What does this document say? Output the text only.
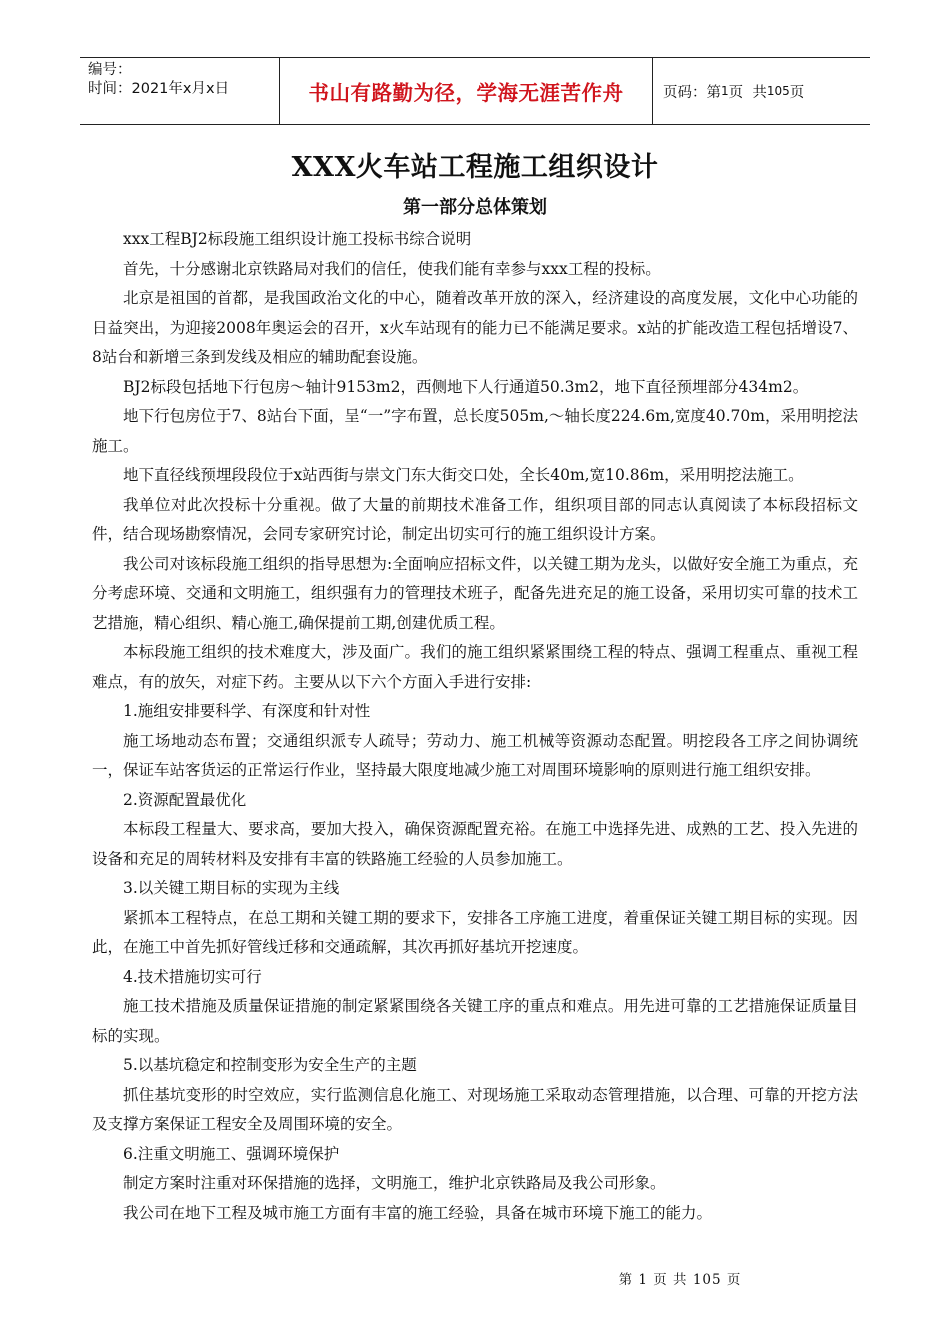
编号：
时间：2021年x月x日	书山有路勤为径，学海无涯苦作舟	页码：第 1 页  共 105 页
XXX火车站工程施工组织设计
第一部分总体策划

xxx工程BJ2标段施工组织设计施工投标书综合说明

首先，十分感谢北京铁路局对我们的信任，使我们能有幸参与xxx工程的投标。

北京是祖国的首都，是我国政治文化的中心，随着改革开放的深入，经济建设的高度发展，文化中心功能的日益突出，为迎接2008年奥运会的召开，x火车站现有的能力已不能满足要求。x站的扩能改造工程包括增设7、8站台和新增三条到发线及相应的辅助配套设施。

BJ2标段包括地下行包房～轴计9153m2，西侧地下人行通道50.3m2，地下直径预埋部分434m2。

地下行包房位于7、8站台下面，呈“一”字布置，总长度505m,～轴长度224.6m,宽度40.70m，采用明挖法施工。

地下直径线预埋段段位于x站西街与崇文门东大街交口处，全长40m,宽10.86m，采用明挖法施工。

我单位对此次投标十分重视。做了大量的前期技术准备工作，组织项目部的同志认真阅读了本标段招标文件，结合现场勘察情况，会同专家研究讨论，制定出切实可行的施工组织设计方案。

我公司对该标段施工组织的指导思想为:全面响应招标文件，以关键工期为龙头，以做好安全施工为重点，充分考虑环境、交通和文明施工，组织强有力的管理技术班子，配备先进充足的施工设备，采用切实可靠的技术工艺措施，精心组织、精心施工,确保提前工期,创建优质工程。

本标段施工组织的技术难度大，涉及面广。我们的施工组织紧紧围绕工程的特点、强调工程重点、重视工程难点，有的放矢，对症下药。主要从以下六个方面入手进行安排:

1.施组安排要科学、有深度和针对性

施工场地动态布置；交通组织派专人疏导；劳动力、施工机械等资源动态配置。明挖段各工序之间协调统一，保证车站客货运的正常运行作业，坚持最大限度地减少施工对周围环境影响的原则进行施工组织安排。

2.资源配置最优化

本标段工程量大、要求高，要加大投入，确保资源配置充裕。在施工中选择先进、成熟的工艺、投入先进的设备和充足的周转材料及安排有丰富的铁路施工经验的人员参加施工。

3.以关键工期目标的实现为主线

紧抓本工程特点，在总工期和关键工期的要求下，安排各工序施工进度，着重保证关键工期目标的实现。因此，在施工中首先抓好管线迁移和交通疏解，其次再抓好基坑开挖速度。

4.技术措施切实可行

施工技术措施及质量保证措施的制定紧紧围绕各关键工序的重点和难点。用先进可靠的工艺措施保证质量目标的实现。

5.以基坑稳定和控制变形为安全生产的主题

抓住基坑变形的时空效应，实行监测信息化施工、对现场施工采取动态管理措施，以合理、可靠的开挖方法及支撑方案保证工程安全及周围环境的安全。

6.注重文明施工、强调环境保护

制定方案时注重对环保措施的选择，文明施工，维护北京铁路局及我公司形象。

我公司在地下工程及城市施工方面有丰富的施工经验，具备在城市环境下施工的能力。

第 1 页 共 105 页
